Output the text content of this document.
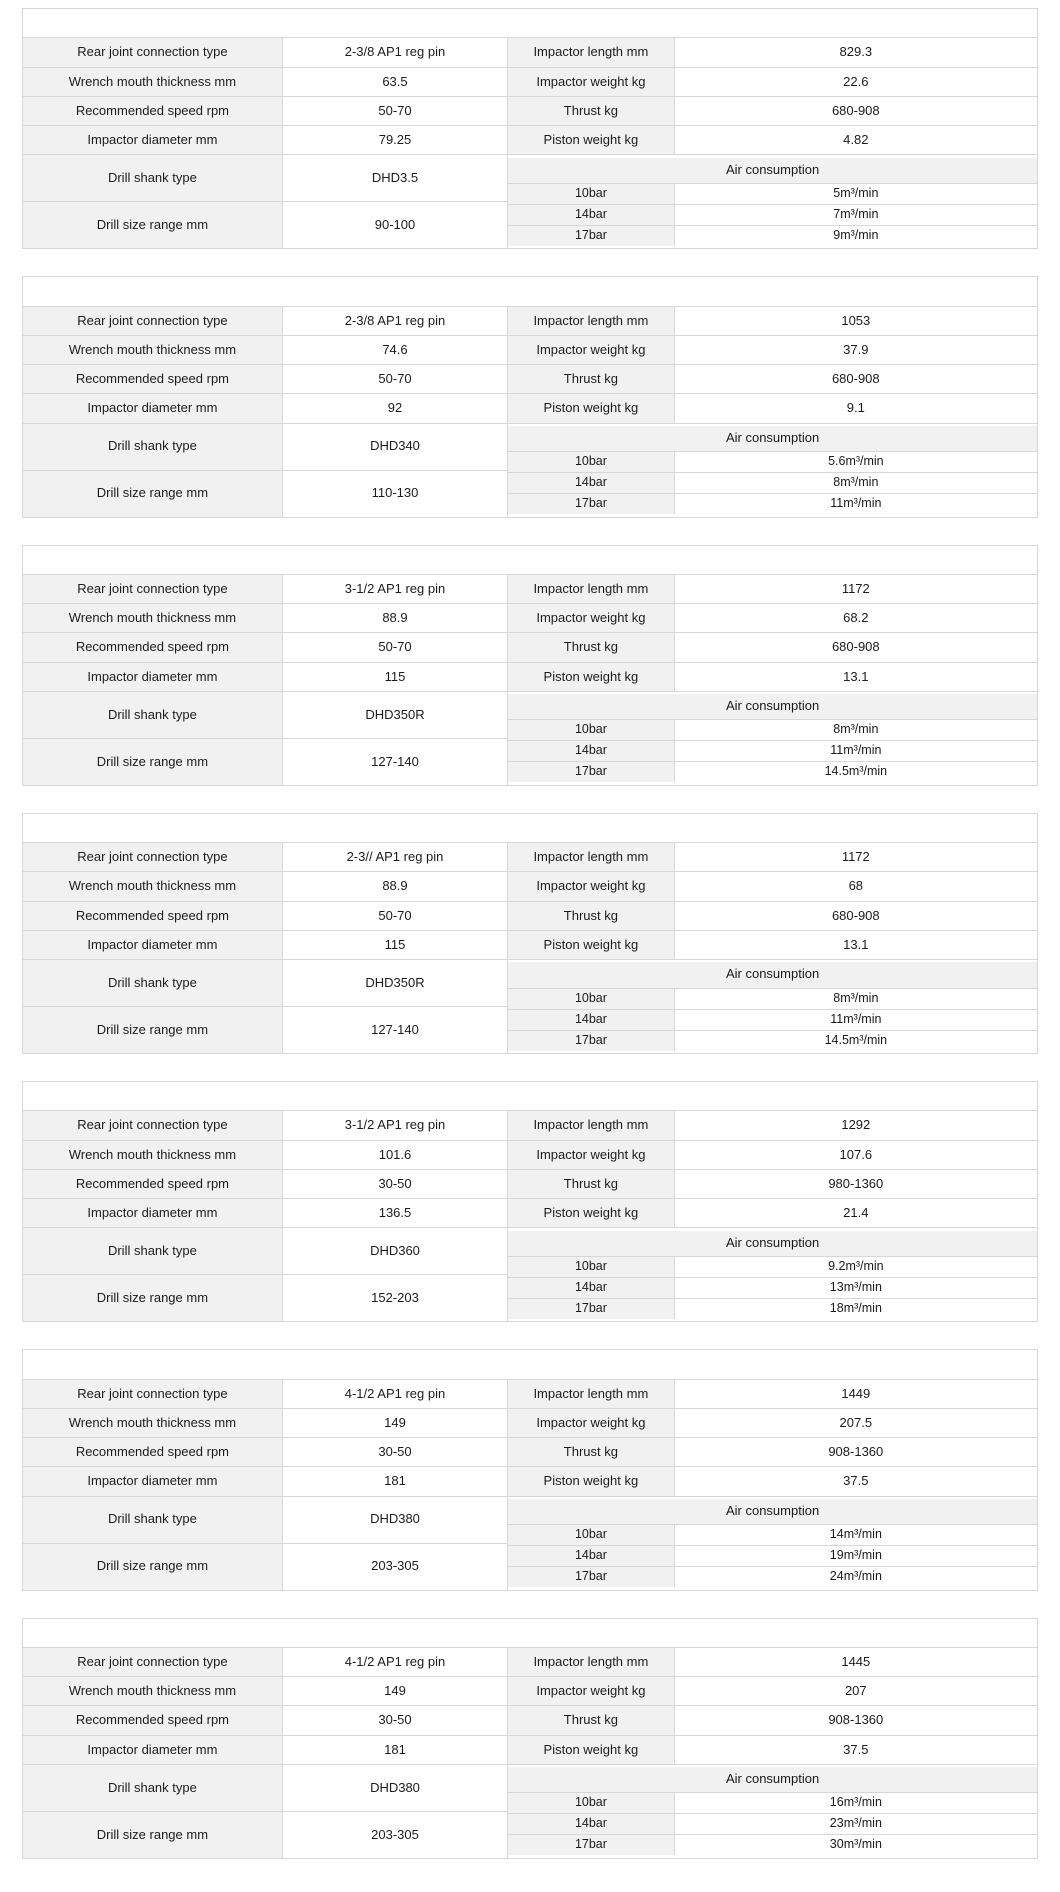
DHD3.5 RImpactor-52334307
Rear joint connection type	2-3/8 AP1 reg pin	Impactor length mm	829.3
Wrench mouth thickness mm	63.5	Impactor weight kg	22.6
Recommended speed rpm	50-70	Thrust kg	680-908
Impactor diameter mm	79.25	Piston weight kg	4.82
Drill shank type	DHD3.5	
Air consumption
10bar	5m³/min
14bar	7m³/min
17bar	9m³/min

Drill size range mm	90-100
DHD340A Impactor-51783066
Rear joint connection type	2-3/8 AP1 reg pin	Impactor length mm	1053
Wrench mouth thickness mm	74.6	Impactor weight kg	37.9
Recommended speed rpm	50-70	Thrust kg	680-908
Impactor diameter mm	92	Piston weight kg	9.1
Drill shank type	DHD340	
Air consumption
10bar	5.6m³/min
14bar	8m³/min
17bar	11m³/min

Drill size range mm	110-130
DHD350RImpactor-52334315
Rear joint connection type	3-1/2 AP1 reg pin	Impactor length mm	1172
Wrench mouth thickness mm	88.9	Impactor weight kg	68.2
Recommended speed rpm	50-70	Thrust kg	680-908
Impactor diameter mm	115	Piston weight kg	13.1
Drill shank type	DHD350R	
Air consumption
10bar	8m³/min
14bar	11m³/min
17bar	14.5m³/min

Drill size range mm	127-140
DHD350R-OPTA RImpactor-92060020
Rear joint connection type	2-3// AP1 reg pin	Impactor length mm	1172
Wrench mouth thickness mm	88.9	Impactor weight kg	68
Recommended speed rpm	50-70	Thrust kg	680-908
Impactor diameter mm	115	Piston weight kg	13.1
Drill shank type	DHD350R	
Air consumption
10bar	8m³/min
14bar	11m³/min
17bar	14.5m³/min

Drill size range mm	127-140
DHD360 RImpactor-51945293
Rear joint connection type	3-1/2 AP1 reg pin	Impactor length mm	1292
Wrench mouth thickness mm	101.6	Impactor weight kg	107.6
Recommended speed rpm	30-50	Thrust kg	980-1360
Impactor diameter mm	136.5	Piston weight kg	21.4
Drill shank type	DHD360	
Air consumption
10bar	9.2m³/min
14bar	13m³/min
17bar	18m³/min

Drill size range mm	152-203
DHD380M RImpactor-52334364
Rear joint connection type	4-1/2 AP1 reg pin	Impactor length mm	1449
Wrench mouth thickness mm	149	Impactor weight kg	207.5
Recommended speed rpm	30-50	Thrust kg	908-1360
Impactor diameter mm	181	Piston weight kg	37.5
Drill shank type	DHD380	
Air consumption
10bar	14m³/min
14bar	19m³/min
17bar	24m³/min

Drill size range mm	203-305
DHD380W RImpactor-5233435
Rear joint connection type	4-1/2 AP1 reg pin	Impactor length mm	1445
Wrench mouth thickness mm	149	Impactor weight kg	207
Recommended speed rpm	30-50	Thrust kg	908-1360
Impactor diameter mm	181	Piston weight kg	37.5
Drill shank type	DHD380	
Air consumption
10bar	16m³/min
14bar	23m³/min
17bar	30m³/min

Drill size range mm	203-305
